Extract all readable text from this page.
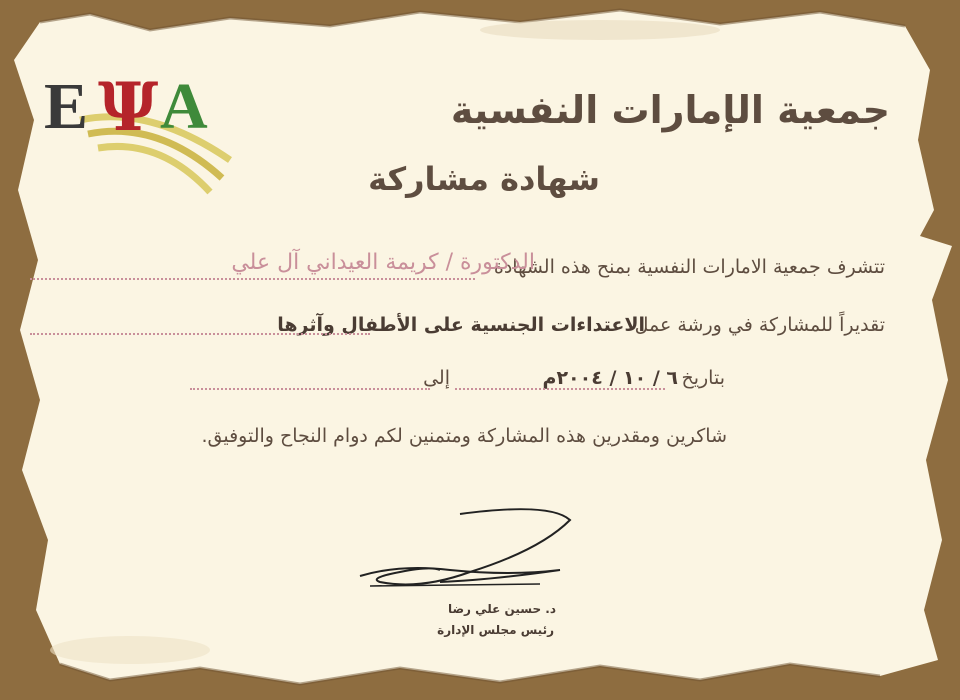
E Ψ A	جمعية الإمارات النفسية
شهادة مشاركة
تتشرف جمعية الامارات النفسية بمنح هذه الشهادة
الدكتورة / كريمة العيداني آل علي
تقديراً للمشاركة في ورشة عمل
الاعتداءات الجنسية على الأطفال وآثرها
بتاريخ
٦ / ١٠ / ٢٠٠٤م
إلى
شاكرين ومقدرين هذه المشاركة ومتمنين لكم دوام النجاح والتوفيق.
د. حسين علي رضا
رئيس مجلس الإدارة
